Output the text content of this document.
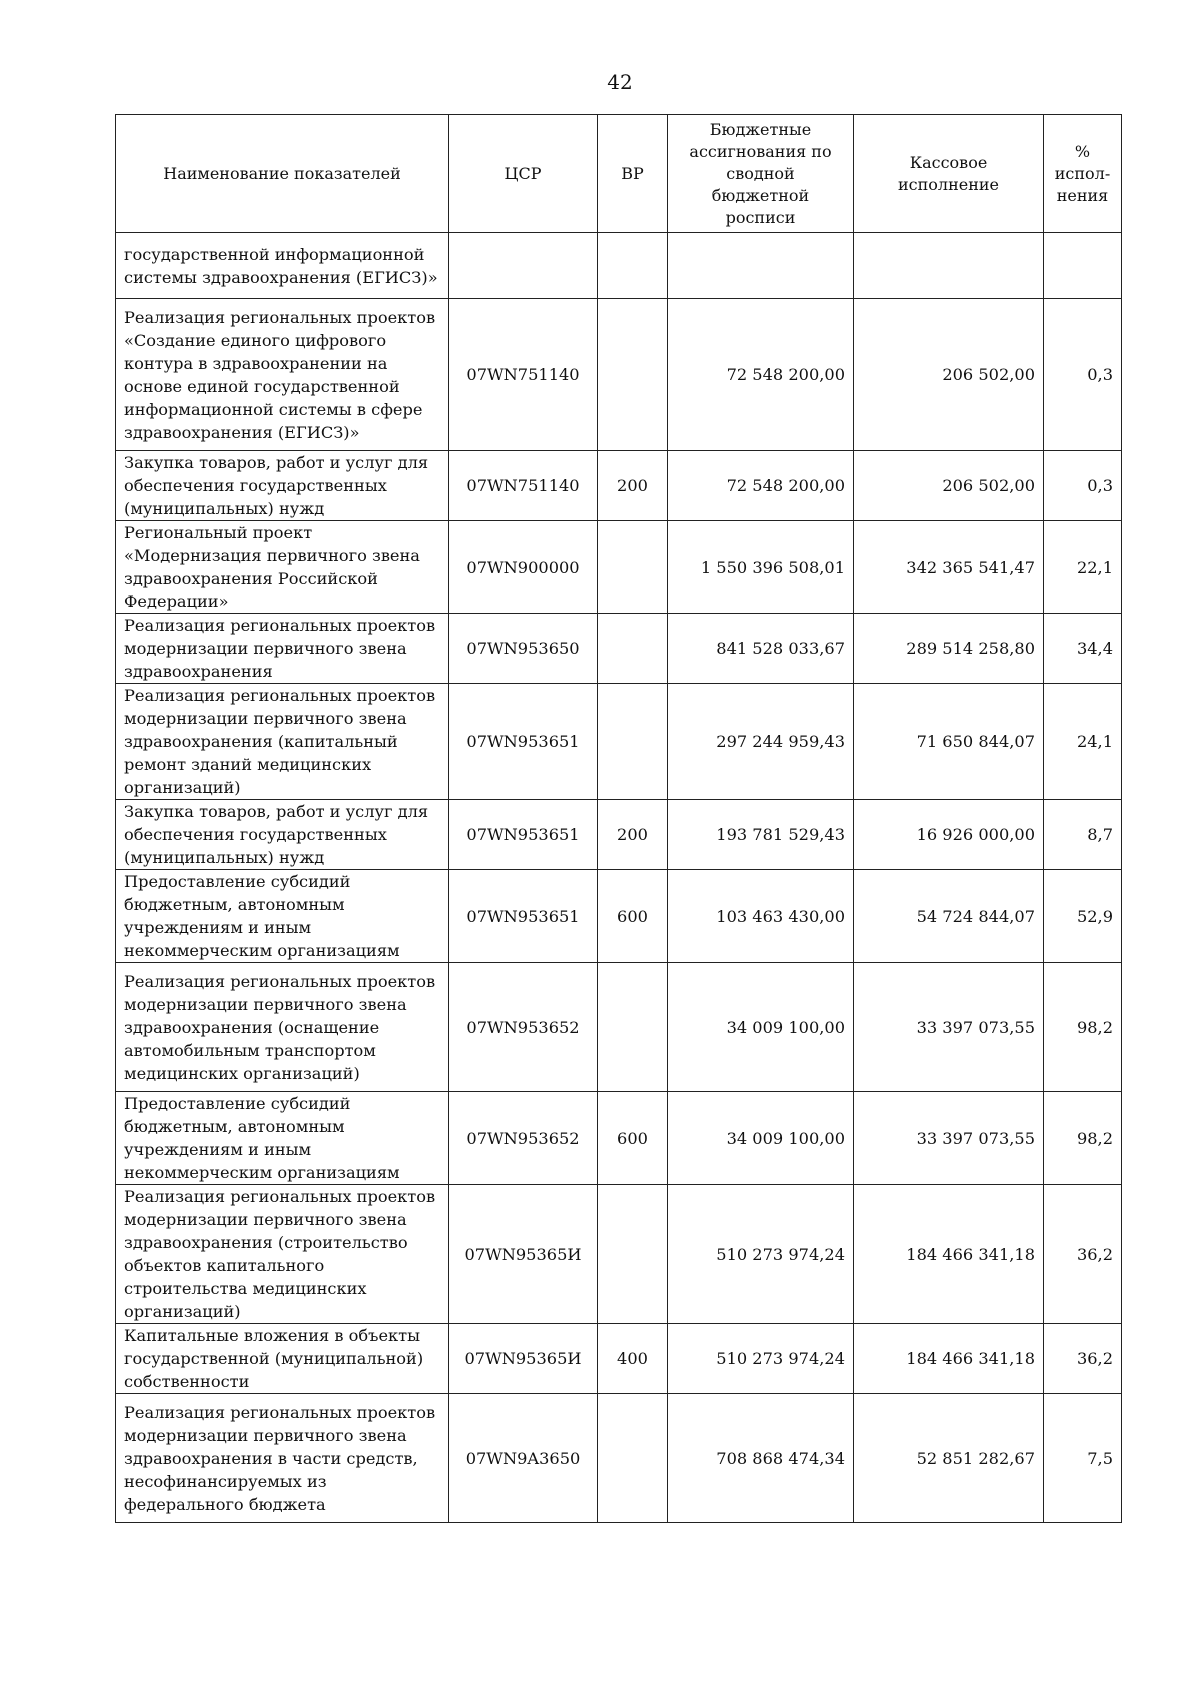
42
Наименование показателей	ЦСР	ВР	Бюджетные ассигнования по сводной бюджетной росписи	Кассовое исполнение	% испол-нения
государственной информационной системы здравоохранения (ЕГИСЗ)»					
Реализация региональных проектов «Создание единого цифрового контура в здравоохранении на основе единой государственной информационной системы в сфере здравоохранения (ЕГИСЗ)»	07WN751140		72 548 200,00	206 502,00	0,3
Закупка товаров, работ и услуг для обеспечения государственных (муниципальных) нужд	07WN751140	200	72 548 200,00	206 502,00	0,3
Региональный проект «Модернизация первичного звена здравоохранения Российской Федерации»	07WN900000		1 550 396 508,01	342 365 541,47	22,1
Реализация региональных проектов модернизации первичного звена здравоохранения	07WN953650		841 528 033,67	289 514 258,80	34,4
Реализация региональных проектов модернизации первичного звена здравоохранения (капитальный ремонт зданий медицинских организаций)	07WN953651		297 244 959,43	71 650 844,07	24,1
Закупка товаров, работ и услуг для обеспечения государственных (муниципальных) нужд	07WN953651	200	193 781 529,43	16 926 000,00	8,7
Предоставление субсидий бюджетным, автономным учреждениям и иным некоммерческим организациям	07WN953651	600	103 463 430,00	54 724 844,07	52,9
Реализация региональных проектов модернизации первичного звена здравоохранения (оснащение автомобильным транспортом медицинских организаций)	07WN953652		34 009 100,00	33 397 073,55	98,2
Предоставление субсидий бюджетным, автономным учреждениям и иным некоммерческим организациям	07WN953652	600	34 009 100,00	33 397 073,55	98,2
Реализация региональных проектов модернизации первичного звена здравоохранения (строительство объектов капитального строительства медицинских организаций)	07WN95365И		510 273 974,24	184 466 341,18	36,2
Капитальные вложения в объекты государственной (муниципальной) собственности	07WN95365И	400	510 273 974,24	184 466 341,18	36,2
Реализация региональных проектов модернизации первичного звена здравоохранения в части средств, несофинансируемых из федерального бюджета	07WN9A3650		708 868 474,34	52 851 282,67	7,5
